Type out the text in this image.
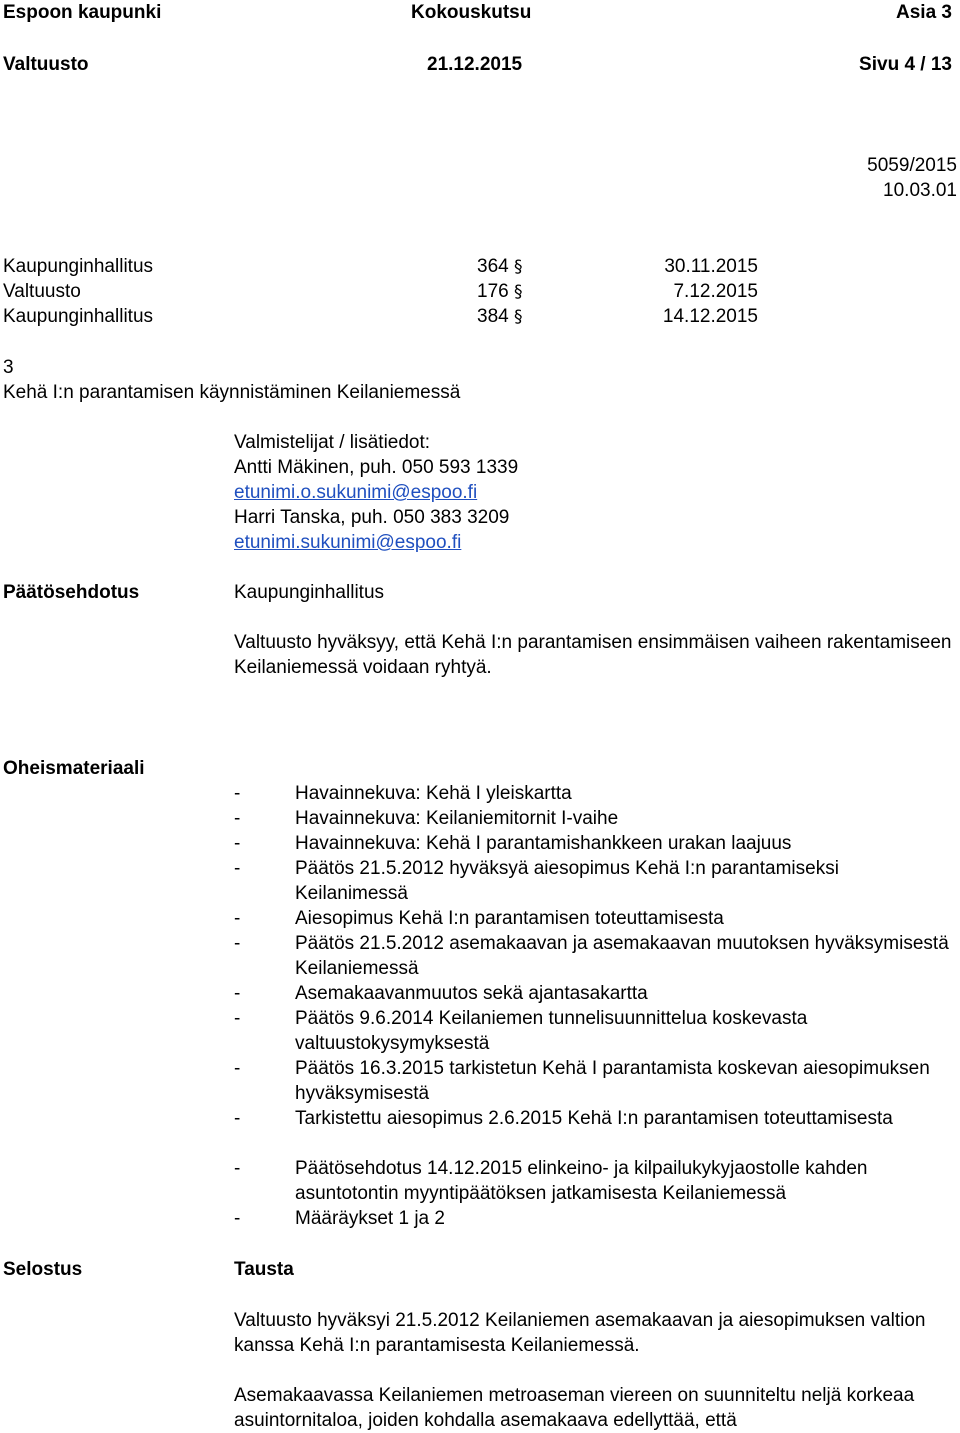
Espoon kaupunki	Kokouskutsu	Asia 3
Valtuusto	21.12.2015	Sivu 4 / 13
5059/2015
10.03.01
Kaupunginhallitus	364 §	30.11.2015
Valtuusto	176 §	7.12.2015
Kaupunginhallitus	384 §	14.12.2015
3
Kehä I:n parantamisen käynnistäminen Keilaniemessä
Valmistelijat / lisätiedot:
Antti Mäkinen, puh. 050 593 1339
etunimi.o.sukunimi@espoo.fi
Harri Tanska, puh. 050 383 3209
etunimi.sukunimi@espoo.fi
Päätösehdotus	Kaupunginhallitus
Valtuusto hyväksyy, että Kehä I:n parantamisen ensimmäisen vaiheen rakentamiseen Keilaniemessä voidaan ryhtyä.
Oheismateriaali
-	Havainnekuva: Kehä I yleiskartta
-	Havainnekuva: Keilaniemitornit I-vaihe
-	Havainnekuva: Kehä I parantamishankkeen urakan laajuus
-	Päätös 21.5.2012 hyväksyä aiesopimus Kehä I:n parantamiseksi Keilanimessä
-	Aiesopimus Kehä I:n parantamisen toteuttamisesta
-	Päätös 21.5.2012 asemakaavan ja asemakaavan muutoksen hyväksymisestä Keilaniemessä
-	Asemakaavanmuutos sekä ajantasakartta
-	Päätös 9.6.2014 Keilaniemen tunnelisuunnittelua koskevasta valtuustokysymyksestä
-	Päätös 16.3.2015 tarkistetun Kehä I parantamista koskevan aiesopimuksen hyväksymisestä
-	Tarkistettu aiesopimus 2.6.2015 Kehä I:n parantamisen toteuttamisesta
-	Päätösehdotus 14.12.2015 elinkeino- ja kilpailukykyjaostolle kahden asuntotontin myyntipäätöksen jatkamisesta Keilaniemessä
-	Määräykset 1 ja 2
Selostus	Tausta
Valtuusto hyväksyi 21.5.2012 Keilaniemen asemakaavan ja aiesopimuksen valtion kanssa Kehä I:n parantamisesta Keilaniemessä.
Asemakaavassa Keilaniemen metroaseman viereen on suunniteltu neljä korkeaa asuintornitaloa, joiden kohdalla asemakaava edellyttää, että
